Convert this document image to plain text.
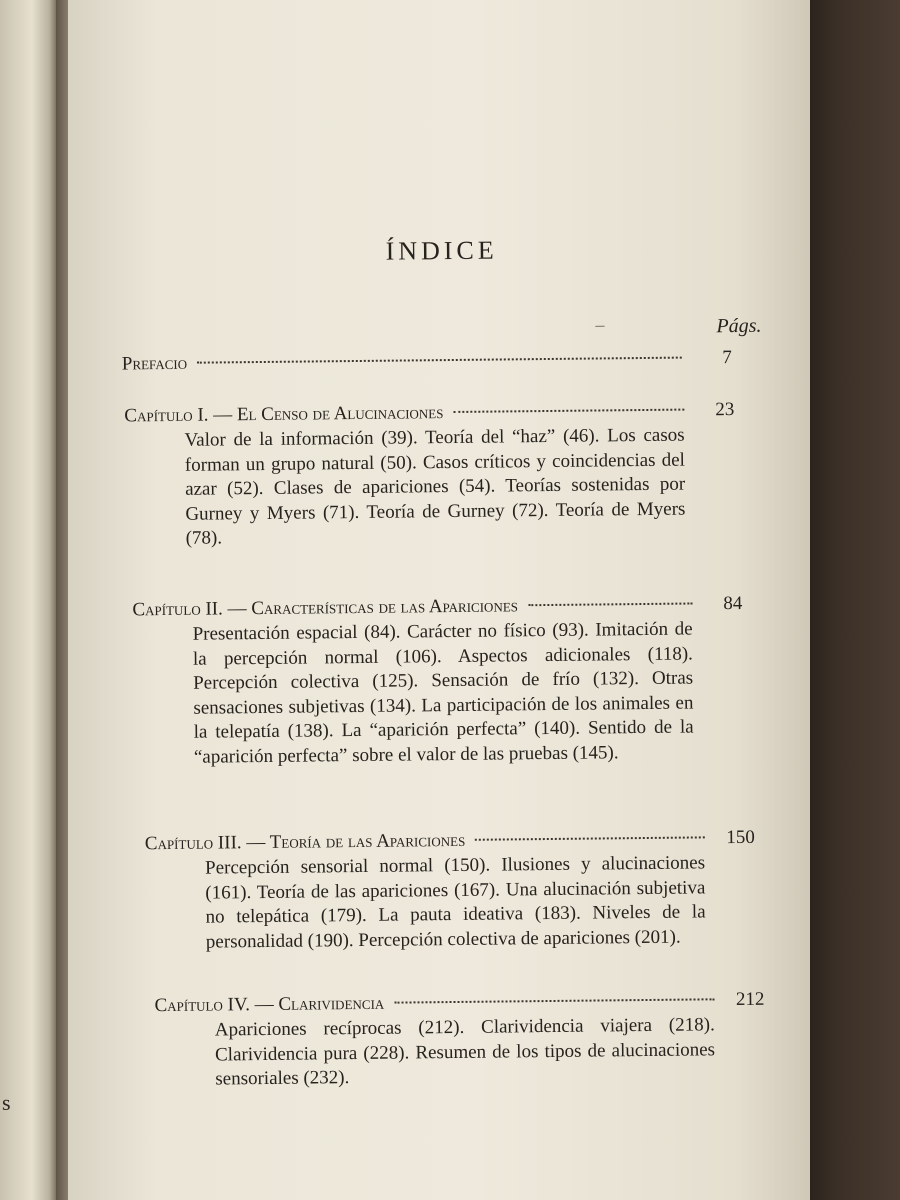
s
ÍNDICE
–	Págs.
Prefacio	7
Capítulo I. — El Censo de Alucinaciones	23
Valor de la información (39). Teoría del “haz” (46). Los casos forman un grupo natural (50). Casos críticos y coincidencias del azar (52). Clases de apariciones (54). Teorías sostenidas por Gurney y Myers (71). Teoría de Gurney (72). Teoría de Myers (78).
Capítulo II. — Características de las Apariciones	84
Presentación espacial (84). Carácter no físico (93). Imitación de la percepción normal (106). Aspectos adicionales (118). Percepción colectiva (125). Sensación de frío (132). Otras sensaciones subjetivas (134). La participación de los animales en la telepatía (138). La “aparición perfecta” (140). Sentido de la “aparición perfecta” sobre el valor de las pruebas (145).
Capítulo III. — Teoría de las Apariciones	150
Percepción sensorial normal (150). Ilusiones y alucinaciones (161). Teoría de las apariciones (167). Una alucinación subjetiva no telepática (179). La pauta ideativa (183). Niveles de la personalidad (190). Percepción colectiva de apariciones (201).
Capítulo IV. — Clarividencia	212
Apariciones recíprocas (212). Clarividencia viajera (218). Clarividencia pura (228). Resumen de los tipos de alucinaciones sensoriales (232).
